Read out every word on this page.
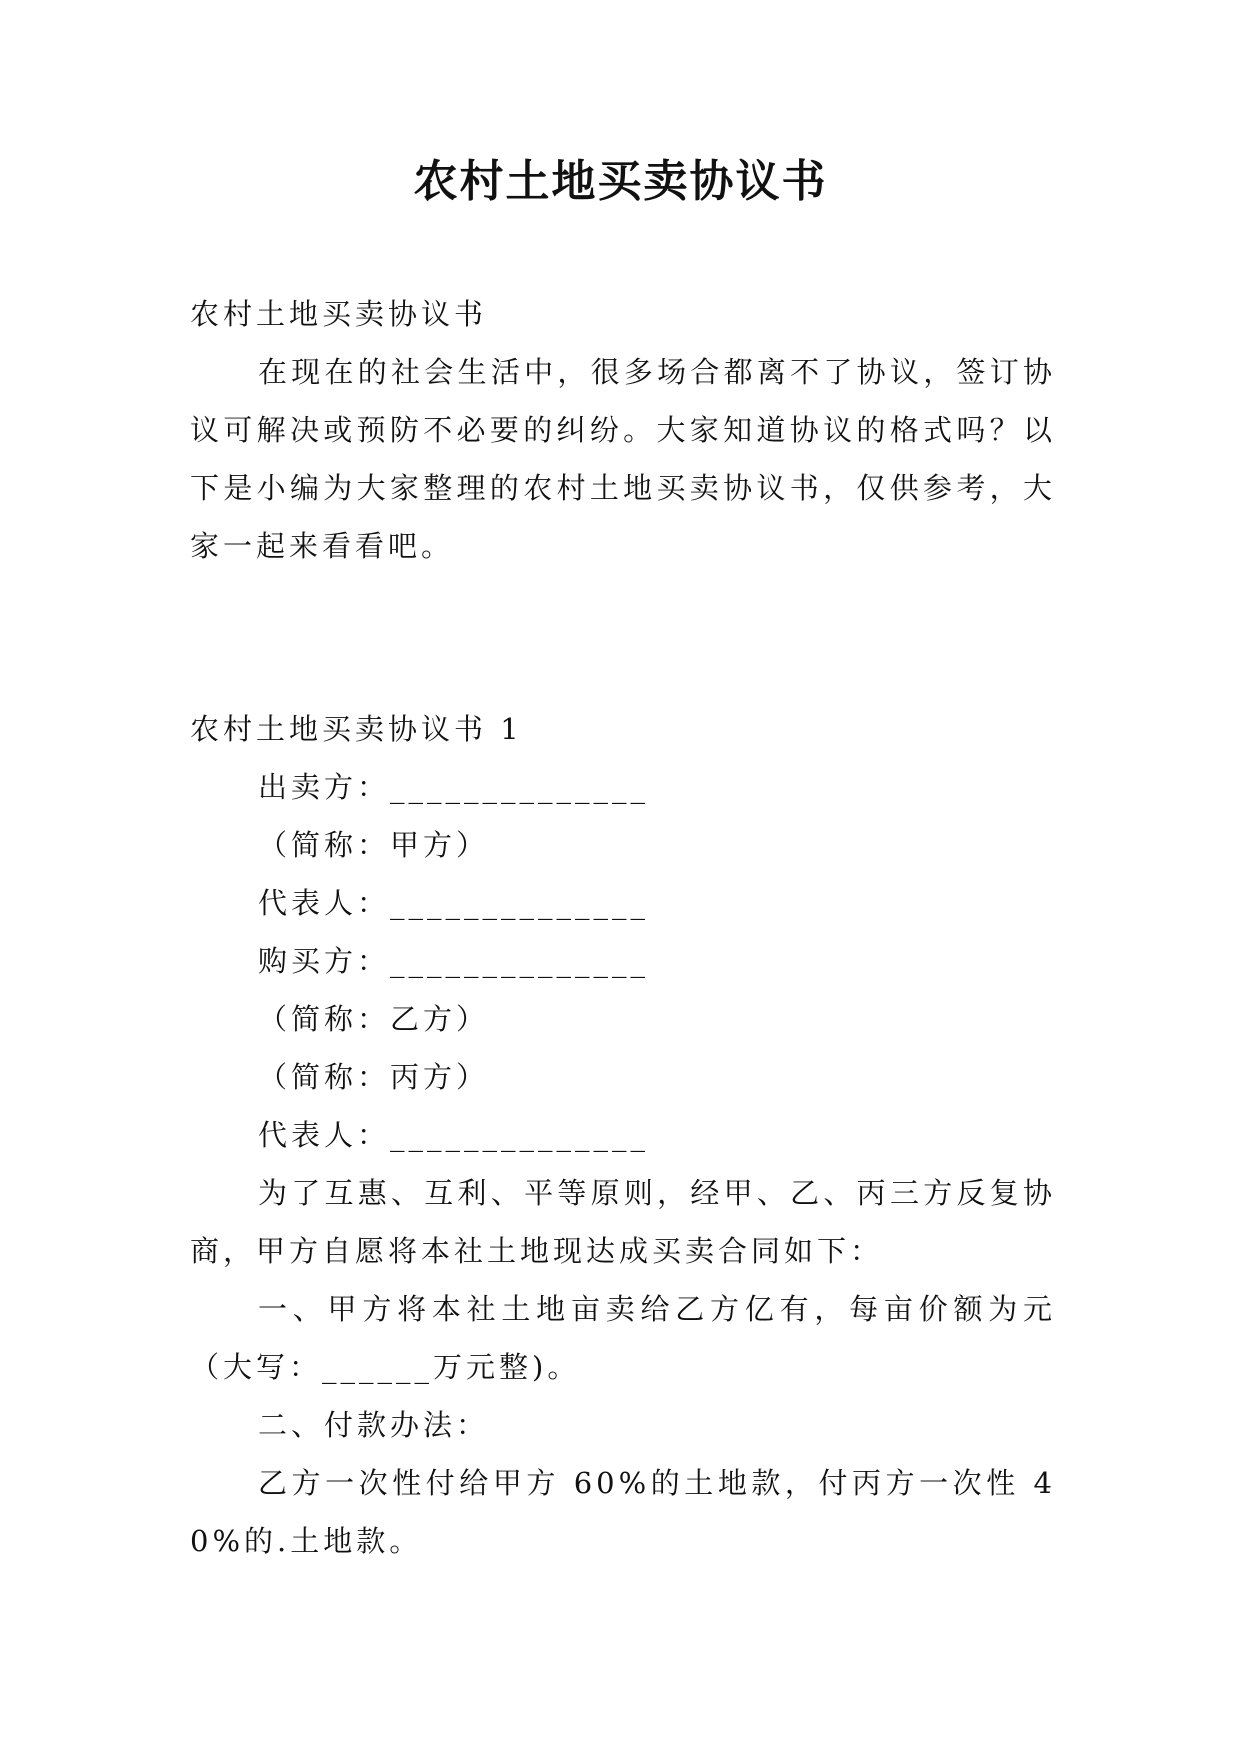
农村土地买卖协议书

农村土地买卖协议书

在现在的社会生活中，很多场合都离不了协议，签订协议可解决或预防不必要的纠纷。大家知道协议的格式吗？以下是小编为大家整理的农村土地买卖协议书，仅供参考，大家一起来看看吧。

农村土地买卖协议书 1

出卖方：______________

（简称：甲方）

代表人：______________

购买方：______________

（简称：乙方）

（简称：丙方）

代表人：______________

为了互惠、互利、平等原则，经甲、乙、丙三方反复协商，甲方自愿将本社土地现达成买卖合同如下：

一、甲方将本社土地亩卖给乙方亿有，每亩价额为元（大写：______万元整)。

二、付款办法：

乙方一次性付给甲方 60%的土地款，付丙方一次性 40%的.土地款。
